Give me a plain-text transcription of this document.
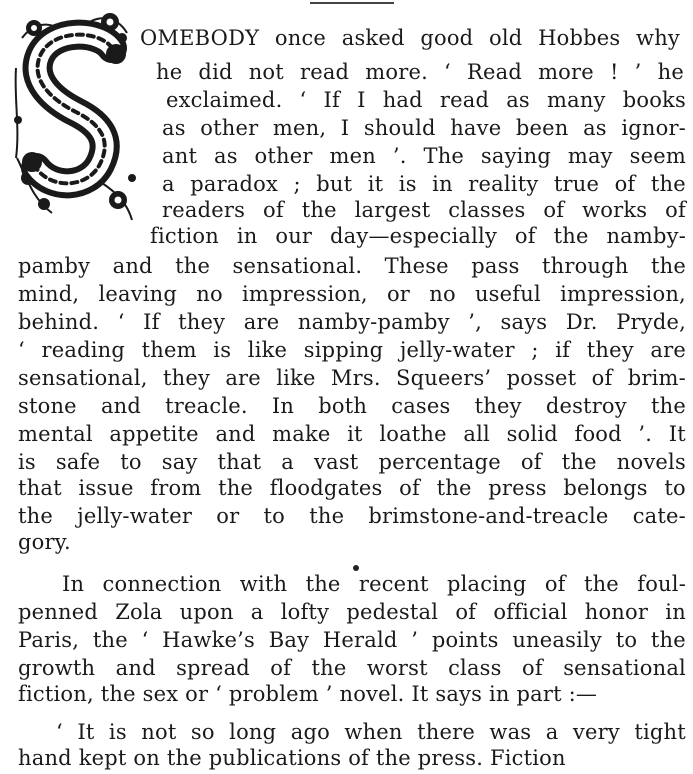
OMEBODY once asked good old Hobbes why
he did not read more. ‘ Read more ! ’ he
exclaimed. ‘ If I had read as many books
as other men, I should have been as ignor-
ant as other men ’. The saying may seem
a paradox ; but it is in reality true of the
readers of the largest classes of works of
fiction in our day—especially of the namby-
pamby and the sensational. These pass through the
mind, leaving no impression, or no useful impression,
behind. ‘ If they are namby-pamby ’, says Dr. Pryde,
‘ reading them is like sipping jelly-water ; if they are
sensational, they are like Mrs. Squeers’ posset of brim-
stone and treacle. In both cases they destroy the
mental appetite and make it loathe all solid food ’. It
is safe to say that a vast percentage of the novels
that issue from the floodgates of the press belongs to
the jelly-water or to the brimstone-and-treacle cate-
gory.
In connection with the recent placing of the foul-
penned Zola upon a lofty pedestal of official honor in
Paris, the ‘ Hawke’s Bay Herald ’ points uneasily to the
growth and spread of the worst class of sensational
fiction, the sex or ‘ problem ’ novel. It says in part :—
‘ It is not so long ago when there was a very tight
hand kept on the publications of the press. Fiction
